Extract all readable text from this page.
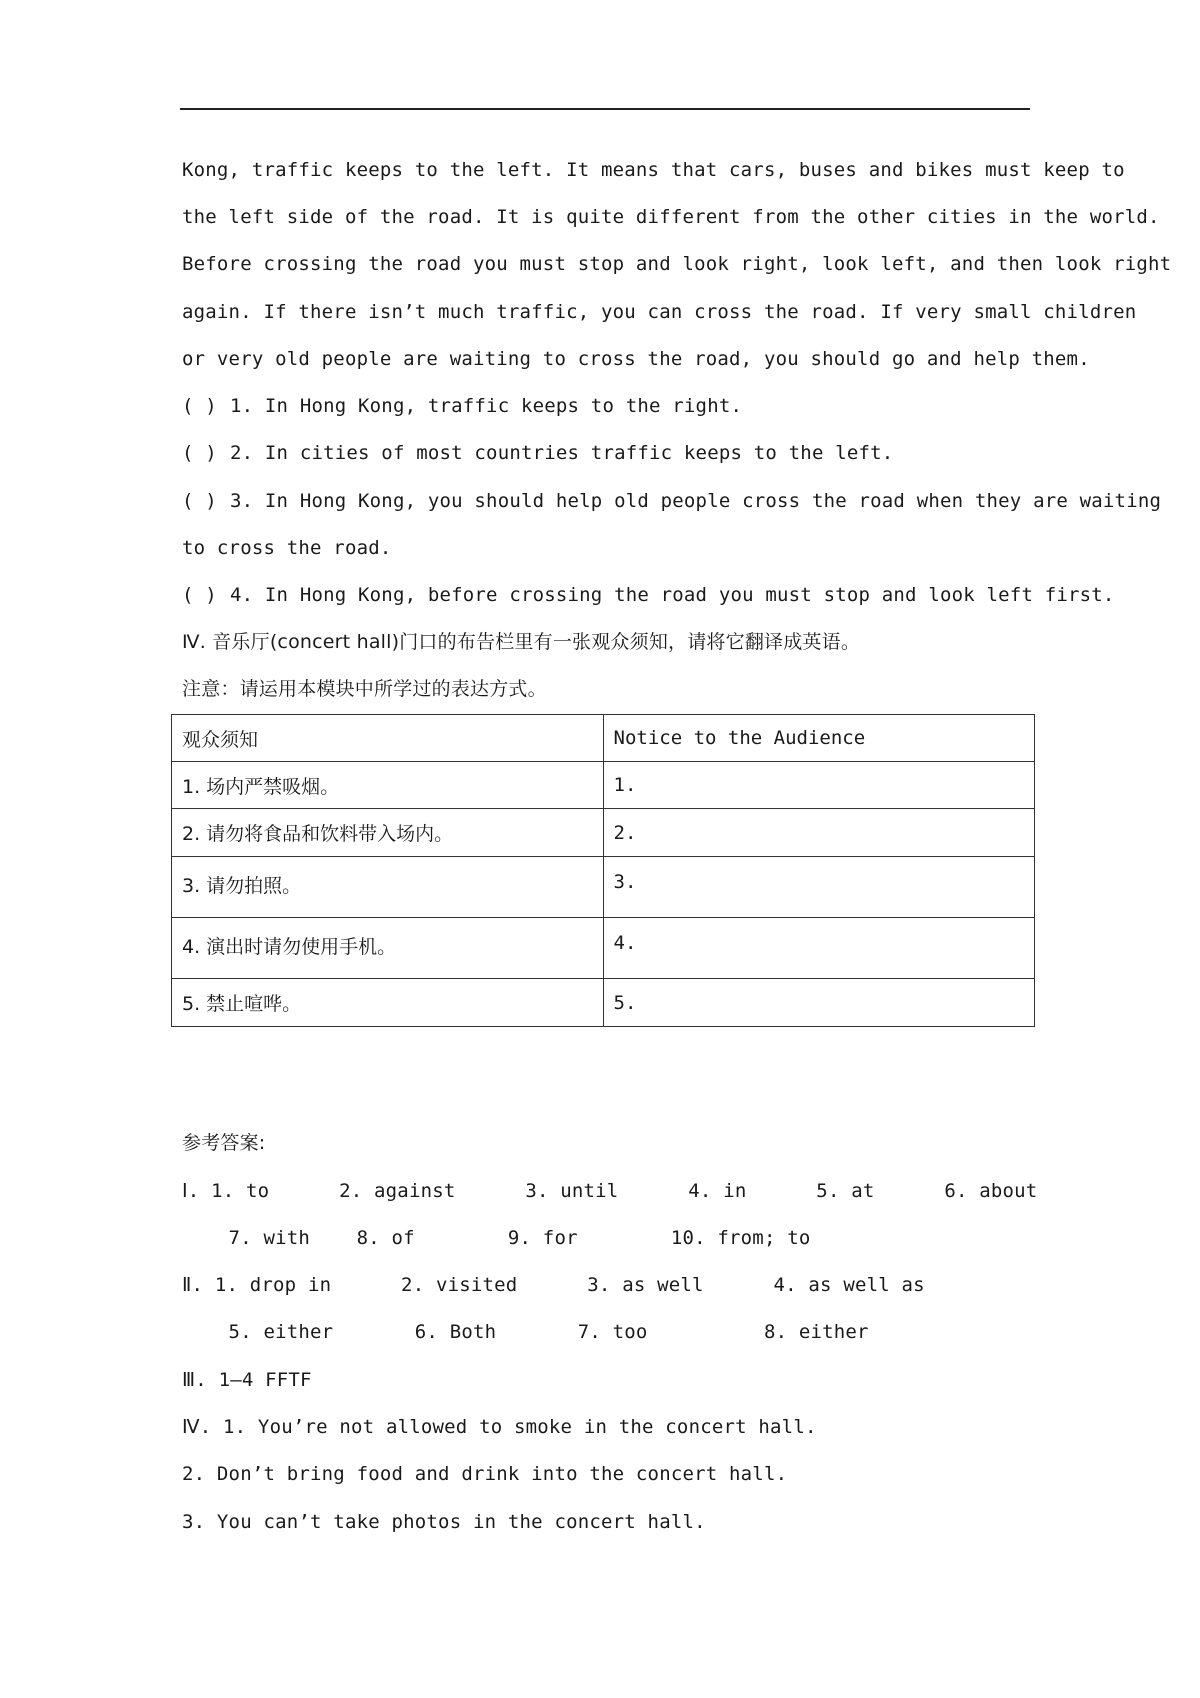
Kong, traffic keeps to the left. It means that cars, buses and bikes must keep to
the left side of the road. It is quite different from the other cities in the world.
Before crossing the road you must stop and look right, look left, and then look right
again. If there isn’t much traffic, you can cross the road. If very small children
or very old people are waiting to cross the road, you should go and help them.
( ) 1. In Hong Kong, traffic keeps to the right.
( ) 2. In cities of most countries traffic keeps to the left.
( ) 3. In Hong Kong, you should help old people cross the road when they are waiting
to cross the road.
( ) 4. In Hong Kong, before crossing the road you must stop and look left first.
Ⅳ. 音乐厅(concert hall)门口的布告栏里有一张观众须知，请将它翻译成英语。
注意：请运用本模块中所学过的表达方式。
观众须知	Notice to the Audience
1. 场内严禁吸烟。	1.
2. 请勿将食品和饮料带入场内。	2.
3. 请勿拍照。	3.
4. 演出时请勿使用手机。	4.
5. 禁止喧哗。	5.
参考答案:
Ⅰ. 1. to      2. against      3. until      4. in      5. at      6. about
7. with    8. of        9. for        10. from; to
Ⅱ. 1. drop in      2. visited      3. as well      4. as well as
5. either       6. Both       7. too          8. either
Ⅲ. 1—4 FFTF
Ⅳ. 1. You’re not allowed to smoke in the concert hall.
2. Don’t bring food and drink into the concert hall.
3. You can’t take photos in the concert hall.
